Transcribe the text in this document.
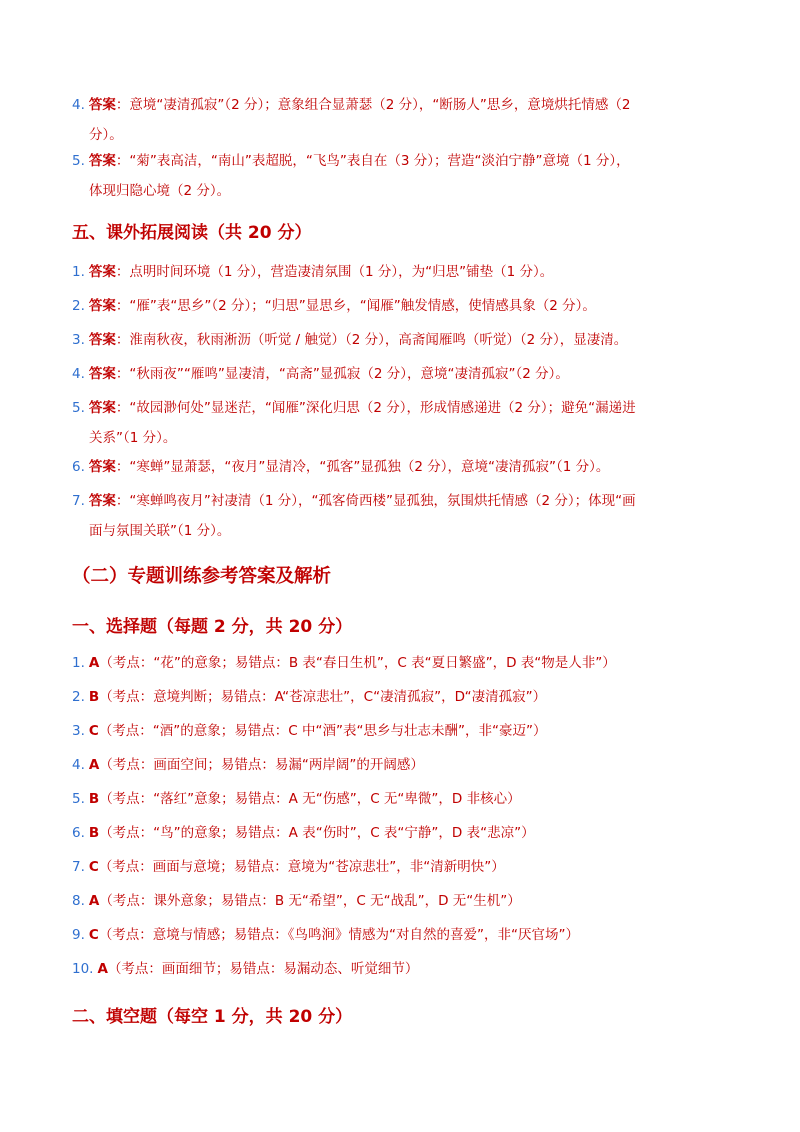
4. 答案：意境“凄清孤寂”（2 分）；意象组合显萧瑟（2 分），“断肠人”思乡，意境烘托情感（2
分）。
5. 答案：“菊”表高洁，“南山”表超脱，“飞鸟”表自在（3 分）；营造“淡泊宁静”意境（1 分），
体现归隐心境（2 分）。
五、课外拓展阅读（共 20 分）
1. 答案：点明时间环境（1 分），营造凄清氛围（1 分），为“归思”铺垫（1 分）。
2. 答案：“雁”表“思乡”（2 分）；“归思”显思乡，“闻雁”触发情感，使情感具象（2 分）。
3. 答案：淮南秋夜，秋雨淅沥（听觉 / 触觉）（2 分），高斋闻雁鸣（听觉）（2 分），显凄清。
4. 答案：“秋雨夜”“雁鸣”显凄清，“高斋”显孤寂（2 分），意境“凄清孤寂”（2 分）。
5. 答案：“故园渺何处”显迷茫，“闻雁”深化归思（2 分），形成情感递进（2 分）；避免“漏递进
关系”（1 分）。
6. 答案：“寒蝉”显萧瑟，“夜月”显清冷，“孤客”显孤独（2 分），意境“凄清孤寂”（1 分）。
7. 答案：“寒蝉鸣夜月”衬凄清（1 分），“孤客倚西楼”显孤独，氛围烘托情感（2 分）；体现“画
面与氛围关联”（1 分）。
（二）专题训练参考答案及解析
一、选择题（每题 2 分，共 20 分）
1. A（考点：“花”的意象；易错点：B 表“春日生机”，C 表“夏日繁盛”，D 表“物是人非”）
2. B（考点：意境判断；易错点：A“苍凉悲壮”，C“凄清孤寂”，D“凄清孤寂”）
3. C（考点：“酒”的意象；易错点：C 中“酒”表“思乡与壮志未酬”，非“豪迈”）
4. A（考点：画面空间；易错点：易漏“两岸阔”的开阔感）
5. B（考点：“落红”意象；易错点：A 无“伤感”，C 无“卑微”，D 非核心）
6. B（考点：“鸟”的意象；易错点：A 表“伤时”，C 表“宁静”，D 表“悲凉”）
7. C（考点：画面与意境；易错点：意境为“苍凉悲壮”，非“清新明快”）
8. A（考点：课外意象；易错点：B 无“希望”，C 无“战乱”，D 无“生机”）
9. C（考点：意境与情感；易错点：《鸟鸣涧》情感为“对自然的喜爱”，非“厌官场”）
10. A（考点：画面细节；易错点：易漏动态、听觉细节）
二、填空题（每空 1 分，共 20 分）
